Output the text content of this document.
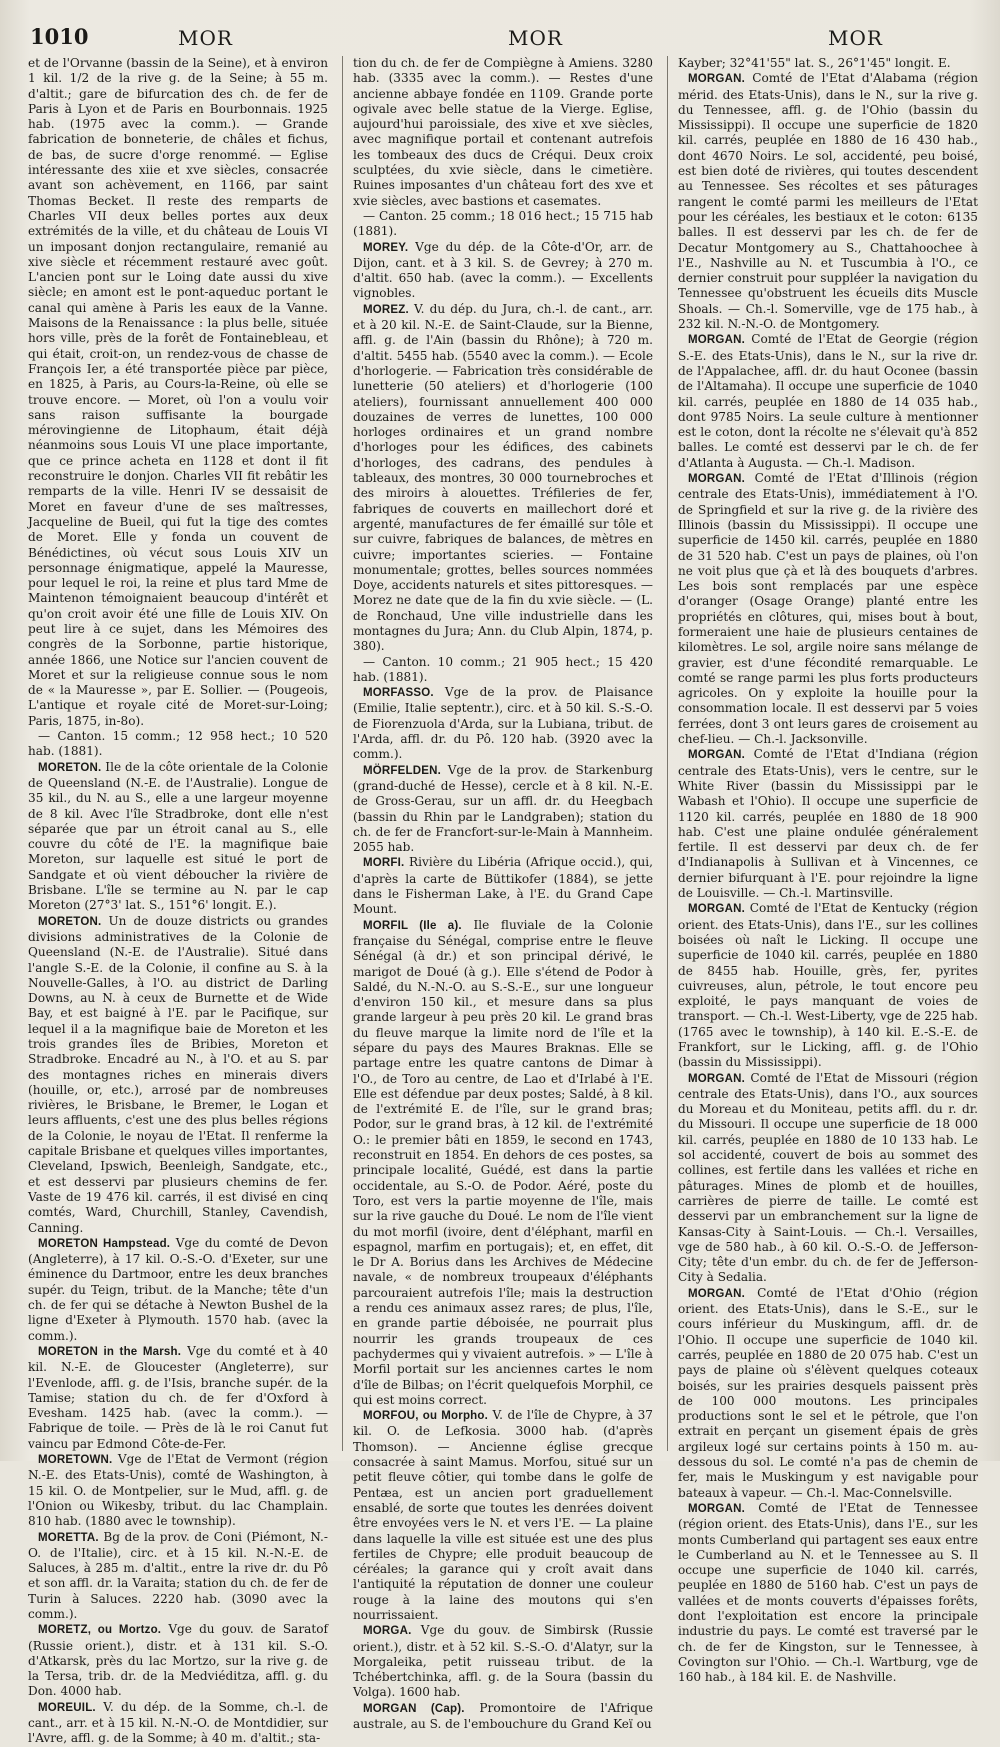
1010	MOR	MOR	MOR

et de l'Orvanne (bassin de la Seine), et à environ 1 kil. 1/2 de la rive g. de la Seine; à 55 m. d'altit.; gare de bifurcation des ch. de fer de Paris à Lyon et de Paris en Bourbonnais. 1925 hab. (1975 avec la comm.). — Grande fabrication de bonneterie, de châles et fichus, de bas, de sucre d'orge renommé. — Eglise intéressante des xiie et xve siècles, consacrée avant son achèvement, en 1166, par saint Thomas Becket. Il reste des remparts de Charles VII deux belles portes aux deux extrémités de la ville, et du château de Louis VI un imposant donjon rectangulaire, remanié au xive siècle et récemment restauré avec goût. L'ancien pont sur le Loing date aussi du xive siècle; en amont est le pont-aqueduc portant le canal qui amène à Paris les eaux de la Vanne. Maisons de la Renaissance : la plus belle, située hors ville, près de la forêt de Fontainebleau, et qui était, croit-on, un rendez-vous de chasse de François Ier, a été transportée pièce par pièce, en 1825, à Paris, au Cours-la-Reine, où elle se trouve encore. — Moret, où l'on a voulu voir sans raison suffisante la bourgade mérovingienne de Litophaum, était déjà néanmoins sous Louis VI une place importante, que ce prince acheta en 1128 et dont il fit reconstruire le donjon. Charles VII fit rebâtir les remparts de la ville. Henri IV se dessaisit de Moret en faveur d'une de ses maîtresses, Jacqueline de Bueil, qui fut la tige des comtes de Moret. Elle y fonda un couvent de Bénédictines, où vécut sous Louis XIV un personnage énigmatique, appelé la Mauresse, pour lequel le roi, la reine et plus tard Mme de Maintenon témoignaient beaucoup d'intérêt et qu'on croit avoir été une fille de Louis XIV. On peut lire à ce sujet, dans les Mémoires des congrès de la Sorbonne, partie historique, année 1866, une Notice sur l'ancien couvent de Moret et sur la religieuse connue sous le nom de « la Mauresse », par E. Sollier. — (Pougeois, L'antique et royale cité de Moret-sur-Loing; Paris, 1875, in-8o).

— Canton. 15 comm.; 12 958 hect.; 10 520 hab. (1881).

MORETON. Ile de la côte orientale de la Colonie de Queensland (N.-E. de l'Australie). Longue de 35 kil., du N. au S., elle a une largeur moyenne de 8 kil. Avec l'île Stradbroke, dont elle n'est séparée que par un étroit canal au S., elle couvre du côté de l'E. la magnifique baie Moreton, sur laquelle est situé le port de Sandgate et où vient déboucher la rivière de Brisbane. L'île se termine au N. par le cap Moreton (27°3' lat. S., 151°6' longit. E.).

MORETON. Un de douze districts ou grandes divisions administratives de la Colonie de Queensland (N.-E. de l'Australie). Situé dans l'angle S.-E. de la Colonie, il confine au S. à la Nouvelle-Galles, à l'O. au district de Darling Downs, au N. à ceux de Burnette et de Wide Bay, et est baigné à l'E. par le Pacifique, sur lequel il a la magnifique baie de Moreton et les trois grandes îles de Bribies, Moreton et Stradbroke. Encadré au N., à l'O. et au S. par des montagnes riches en minerais divers (houille, or, etc.), arrosé par de nombreuses rivières, le Brisbane, le Bremer, le Logan et leurs affluents, c'est une des plus belles régions de la Colonie, le noyau de l'Etat. Il renferme la capitale Brisbane et quelques villes importantes, Cleveland, Ipswich, Beenleigh, Sandgate, etc., et est desservi par plusieurs chemins de fer. Vaste de 19 476 kil. carrés, il est divisé en cinq comtés, Ward, Churchill, Stanley, Cavendish, Canning.

MORETON Hampstead. Vge du comté de Devon (Angleterre), à 17 kil. O.-S.-O. d'Exeter, sur une éminence du Dartmoor, entre les deux branches supér. du Teign, tribut. de la Manche; tête d'un ch. de fer qui se détache à Newton Bushel de la ligne d'Exeter à Plymouth. 1570 hab. (avec la comm.).

MORETON in the Marsh. Vge du comté et à 40 kil. N.-E. de Gloucester (Angleterre), sur l'Evenlode, affl. g. de l'Isis, branche supér. de la Tamise; station du ch. de fer d'Oxford à Evesham. 1425 hab. (avec la comm.). — Fabrique de toile. — Près de là le roi Canut fut vaincu par Edmond Côte-de-Fer.

MORETOWN. Vge de l'Etat de Vermont (région N.-E. des Etats-Unis), comté de Washington, à 15 kil. O. de Montpelier, sur le Mud, affl. g. de l'Onion ou Wikesby, tribut. du lac Champlain. 810 hab. (1880 avec le township).

MORETTA. Bg de la prov. de Coni (Piémont, N.-O. de l'Italie), circ. et à 15 kil. N.-N.-E. de Saluces, à 285 m. d'altit., entre la rive dr. du Pô et son affl. dr. la Varaita; station du ch. de fer de Turin à Saluces. 2220 hab. (3090 avec la comm.).

MORETZ, ou Mortzo. Vge du gouv. de Saratof (Russie orient.), distr. et à 131 kil. S.-O. d'Atkarsk, près du lac Mortzo, sur la rive g. de la Tersa, trib. dr. de la Medviéditza, affl. g. du Don. 4000 hab.

MOREUIL. V. du dép. de la Somme, ch.-l. de cant., arr. et à 15 kil. N.-N.-O. de Montdidier, sur l'Avre, affl. g. de la Somme; à 40 m. d'altit.; sta-

tion du ch. de fer de Compiègne à Amiens. 3280 hab. (3335 avec la comm.). — Restes d'une ancienne abbaye fondée en 1109. Grande porte ogivale avec belle statue de la Vierge. Eglise, aujourd'hui paroissiale, des xive et xve siècles, avec magnifique portail et contenant autrefois les tombeaux des ducs de Créqui. Deux croix sculptées, du xvie siècle, dans le cimetière. Ruines imposantes d'un château fort des xve et xvie siècles, avec bastions et casemates.

— Canton. 25 comm.; 18 016 hect.; 15 715 hab (1881).

MOREY. Vge du dép. de la Côte-d'Or, arr. de Dijon, cant. et à 3 kil. S. de Gevrey; à 270 m. d'altit. 650 hab. (avec la comm.). — Excellents vignobles.

MOREZ. V. du dép. du Jura, ch.-l. de cant., arr. et à 20 kil. N.-E. de Saint-Claude, sur la Bienne, affl. g. de l'Ain (bassin du Rhône); à 720 m. d'altit. 5455 hab. (5540 avec la comm.). — Ecole d'horlogerie. — Fabrication très considérable de lunetterie (50 ateliers) et d'horlogerie (100 ateliers), fournissant annuellement 400 000 douzaines de verres de lunettes, 100 000 horloges ordinaires et un grand nombre d'horloges pour les édifices, des cabinets d'horloges, des cadrans, des pendules à tableaux, des montres, 30 000 tournebroches et des miroirs à alouettes. Tréfileries de fer, fabriques de couverts en maillechort doré et argenté, manufactures de fer émaillé sur tôle et sur cuivre, fabriques de balances, de mètres en cuivre; importantes scieries. — Fontaine monumentale; grottes, belles sources nommées Doye, accidents naturels et sites pittoresques. — Morez ne date que de la fin du xvie siècle. — (L. de Ronchaud, Une ville industrielle dans les montagnes du Jura; Ann. du Club Alpin, 1874, p. 380).

— Canton. 10 comm.; 21 905 hect.; 15 420 hab. (1881).

MORFASSO. Vge de la prov. de Plaisance (Emilie, Italie septentr.), circ. et à 50 kil. S.-S.-O. de Fiorenzuola d'Arda, sur la Lubiana, tribut. de l'Arda, affl. dr. du Pô. 120 hab. (3920 avec la comm.).

MÖRFELDEN. Vge de la prov. de Starkenburg (grand-duché de Hesse), cercle et à 8 kil. N.-E. de Gross-Gerau, sur un affl. dr. du Heegbach (bassin du Rhin par le Landgraben); station du ch. de fer de Francfort-sur-le-Main à Mannheim. 2055 hab.

MORFI. Rivière du Libéria (Afrique occid.), qui, d'après la carte de Büttikofer (1884), se jette dans le Fisherman Lake, à l'E. du Grand Cape Mount.

MORFIL (Ile a). Ile fluviale de la Colonie française du Sénégal, comprise entre le fleuve Sénégal (à dr.) et son principal dérivé, le marigot de Doué (à g.). Elle s'étend de Podor à Saldé, du N.-N.-O. au S.-S.-E., sur une longueur d'environ 150 kil., et mesure dans sa plus grande largeur à peu près 20 kil. Le grand bras du fleuve marque la limite nord de l'île et la sépare du pays des Maures Braknas. Elle se partage entre les quatre cantons de Dimar à l'O., de Toro au centre, de Lao et d'Irlabé à l'E. Elle est défendue par deux postes; Saldé, à 8 kil. de l'extrémité E. de l'île, sur le grand bras; Podor, sur le grand bras, à 12 kil. de l'extrémité O.: le premier bâti en 1859, le second en 1743, reconstruit en 1854. En dehors de ces postes, sa principale localité, Guédé, est dans la partie occidentale, au S.-O. de Podor. Aéré, poste du Toro, est vers la partie moyenne de l'île, mais sur la rive gauche du Doué. Le nom de l'île vient du mot morfil (ivoire, dent d'éléphant, marfil en espagnol, marfim en portugais); et, en effet, dit le Dr A. Borius dans les Archives de Médecine navale, « de nombreux troupeaux d'éléphants parcouraient autrefois l'île; mais la destruction a rendu ces animaux assez rares; de plus, l'île, en grande partie déboisée, ne pourrait plus nourrir les grands troupeaux de ces pachydermes qui y vivaient autrefois. » — L'île à Morfil portait sur les anciennes cartes le nom d'île de Bilbas; on l'écrit quelquefois Morphil, ce qui est moins correct.

MORFOU, ou Morpho. V. de l'île de Chypre, à 37 kil. O. de Lefkosia. 3000 hab. (d'après Thomson). — Ancienne église grecque consacrée à saint Mamus. Morfou, situé sur un petit fleuve côtier, qui tombe dans le golfe de Pentæa, est un ancien port graduellement ensablé, de sorte que toutes les denrées doivent être envoyées vers le N. et vers l'E. — La plaine dans laquelle la ville est située est une des plus fertiles de Chypre; elle produit beaucoup de céréales; la garance qui y croît avait dans l'antiquité la réputation de donner une couleur rouge à la laine des moutons qui s'en nourrissaient.

MORGA. Vge du gouv. de Simbirsk (Russie orient.), distr. et à 52 kil. S.-S.-O. d'Alatyr, sur la Morgaleika, petit ruisseau tribut. de la Tchébertchinka, affl. g. de la Soura (bassin du Volga). 1600 hab.

MORGAN (Cap). Promontoire de l'Afrique australe, au S. de l'embouchure du Grand Keï ou

Kayber; 32°41'55" lat. S., 26°1'45" longit. E.

MORGAN. Comté de l'Etat d'Alabama (région mérid. des Etats-Unis), dans le N., sur la rive g. du Tennessee, affl. g. de l'Ohio (bassin du Mississippi). Il occupe une superficie de 1820 kil. carrés, peuplée en 1880 de 16 430 hab., dont 4670 Noirs. Le sol, accidenté, peu boisé, est bien doté de rivières, qui toutes descendent au Tennessee. Ses récoltes et ses pâturages rangent le comté parmi les meilleurs de l'Etat pour les céréales, les bestiaux et le coton: 6135 balles. Il est desservi par les ch. de fer de Decatur Montgomery au S., Chattahoochee à l'E., Nashville au N. et Tuscumbia à l'O., ce dernier construit pour suppléer la navigation du Tennessee qu'obstruent les écueils dits Muscle Shoals. — Ch.-l. Somerville, vge de 175 hab., à 232 kil. N.-N.-O. de Montgomery.

MORGAN. Comté de l'Etat de Georgie (région S.-E. des Etats-Unis), dans le N., sur la rive dr. de l'Appalachee, affl. dr. du haut Oconee (bassin de l'Altamaha). Il occupe une superficie de 1040 kil. carrés, peuplée en 1880 de 14 035 hab., dont 9785 Noirs. La seule culture à mentionner est le coton, dont la récolte ne s'élevait qu'à 852 balles. Le comté est desservi par le ch. de fer d'Atlanta à Augusta. — Ch.-l. Madison.

MORGAN. Comté de l'Etat d'Illinois (région centrale des Etats-Unis), immédiatement à l'O. de Springfield et sur la rive g. de la rivière des Illinois (bassin du Mississippi). Il occupe une superficie de 1450 kil. carrés, peuplée en 1880 de 31 520 hab. C'est un pays de plaines, où l'on ne voit plus que çà et là des bouquets d'arbres. Les bois sont remplacés par une espèce d'oranger (Osage Orange) planté entre les propriétés en clôtures, qui, mises bout à bout, formeraient une haie de plusieurs centaines de kilomètres. Le sol, argile noire sans mélange de gravier, est d'une fécondité remarquable. Le comté se range parmi les plus forts producteurs agricoles. On y exploite la houille pour la consommation locale. Il est desservi par 5 voies ferrées, dont 3 ont leurs gares de croisement au chef-lieu. — Ch.-l. Jacksonville.

MORGAN. Comté de l'Etat d'Indiana (région centrale des Etats-Unis), vers le centre, sur le White River (bassin du Mississippi par le Wabash et l'Ohio). Il occupe une superficie de 1120 kil. carrés, peuplée en 1880 de 18 900 hab. C'est une plaine ondulée généralement fertile. Il est desservi par deux ch. de fer d'Indianapolis à Sullivan et à Vincennes, ce dernier bifurquant à l'E. pour rejoindre la ligne de Louisville. — Ch.-l. Martinsville.

MORGAN. Comté de l'Etat de Kentucky (région orient. des Etats-Unis), dans l'E., sur les collines boisées où naît le Licking. Il occupe une superficie de 1040 kil. carrés, peuplée en 1880 de 8455 hab. Houille, grès, fer, pyrites cuivreuses, alun, pétrole, le tout encore peu exploité, le pays manquant de voies de transport. — Ch.-l. West-Liberty, vge de 225 hab. (1765 avec le township), à 140 kil. E.-S.-E. de Frankfort, sur le Licking, affl. g. de l'Ohio (bassin du Mississippi).

MORGAN. Comté de l'Etat de Missouri (région centrale des Etats-Unis), dans l'O., aux sources du Moreau et du Moniteau, petits affl. du r. dr. du Missouri. Il occupe une superficie de 18 000 kil. carrés, peuplée en 1880 de 10 133 hab. Le sol accidenté, couvert de bois au sommet des collines, est fertile dans les vallées et riche en pâturages. Mines de plomb et de houilles, carrières de pierre de taille. Le comté est desservi par un embranchement sur la ligne de Kansas-City à Saint-Louis. — Ch.-l. Versailles, vge de 580 hab., à 60 kil. O.-S.-O. de Jefferson-City; tête d'un embr. du ch. de fer de Jefferson-City à Sedalia.

MORGAN. Comté de l'Etat d'Ohio (région orient. des Etats-Unis), dans le S.-E., sur le cours inférieur du Muskingum, affl. dr. de l'Ohio. Il occupe une superficie de 1040 kil. carrés, peuplée en 1880 de 20 075 hab. C'est un pays de plaine où s'élèvent quelques coteaux boisés, sur les prairies desquels paissent près de 100 000 moutons. Les principales productions sont le sel et le pétrole, que l'on extrait en perçant un gisement épais de grès argileux logé sur certains points à 150 m. au-dessous du sol. Le comté n'a pas de chemin de fer, mais le Muskingum y est navigable pour bateaux à vapeur. — Ch.-l. Mac-Connelsville.

MORGAN. Comté de l'Etat de Tennessee (région orient. des Etats-Unis), dans l'E., sur les monts Cumberland qui partagent ses eaux entre le Cumberland au N. et le Tennessee au S. Il occupe une superficie de 1040 kil. carrés, peuplée en 1880 de 5160 hab. C'est un pays de vallées et de monts couverts d'épaisses forêts, dont l'exploitation est encore la principale industrie du pays. Le comté est traversé par le ch. de fer de Kingston, sur le Tennessee, à Covington sur l'Ohio. — Ch.-l. Wartburg, vge de 160 hab., à 184 kil. E. de Nashville.
